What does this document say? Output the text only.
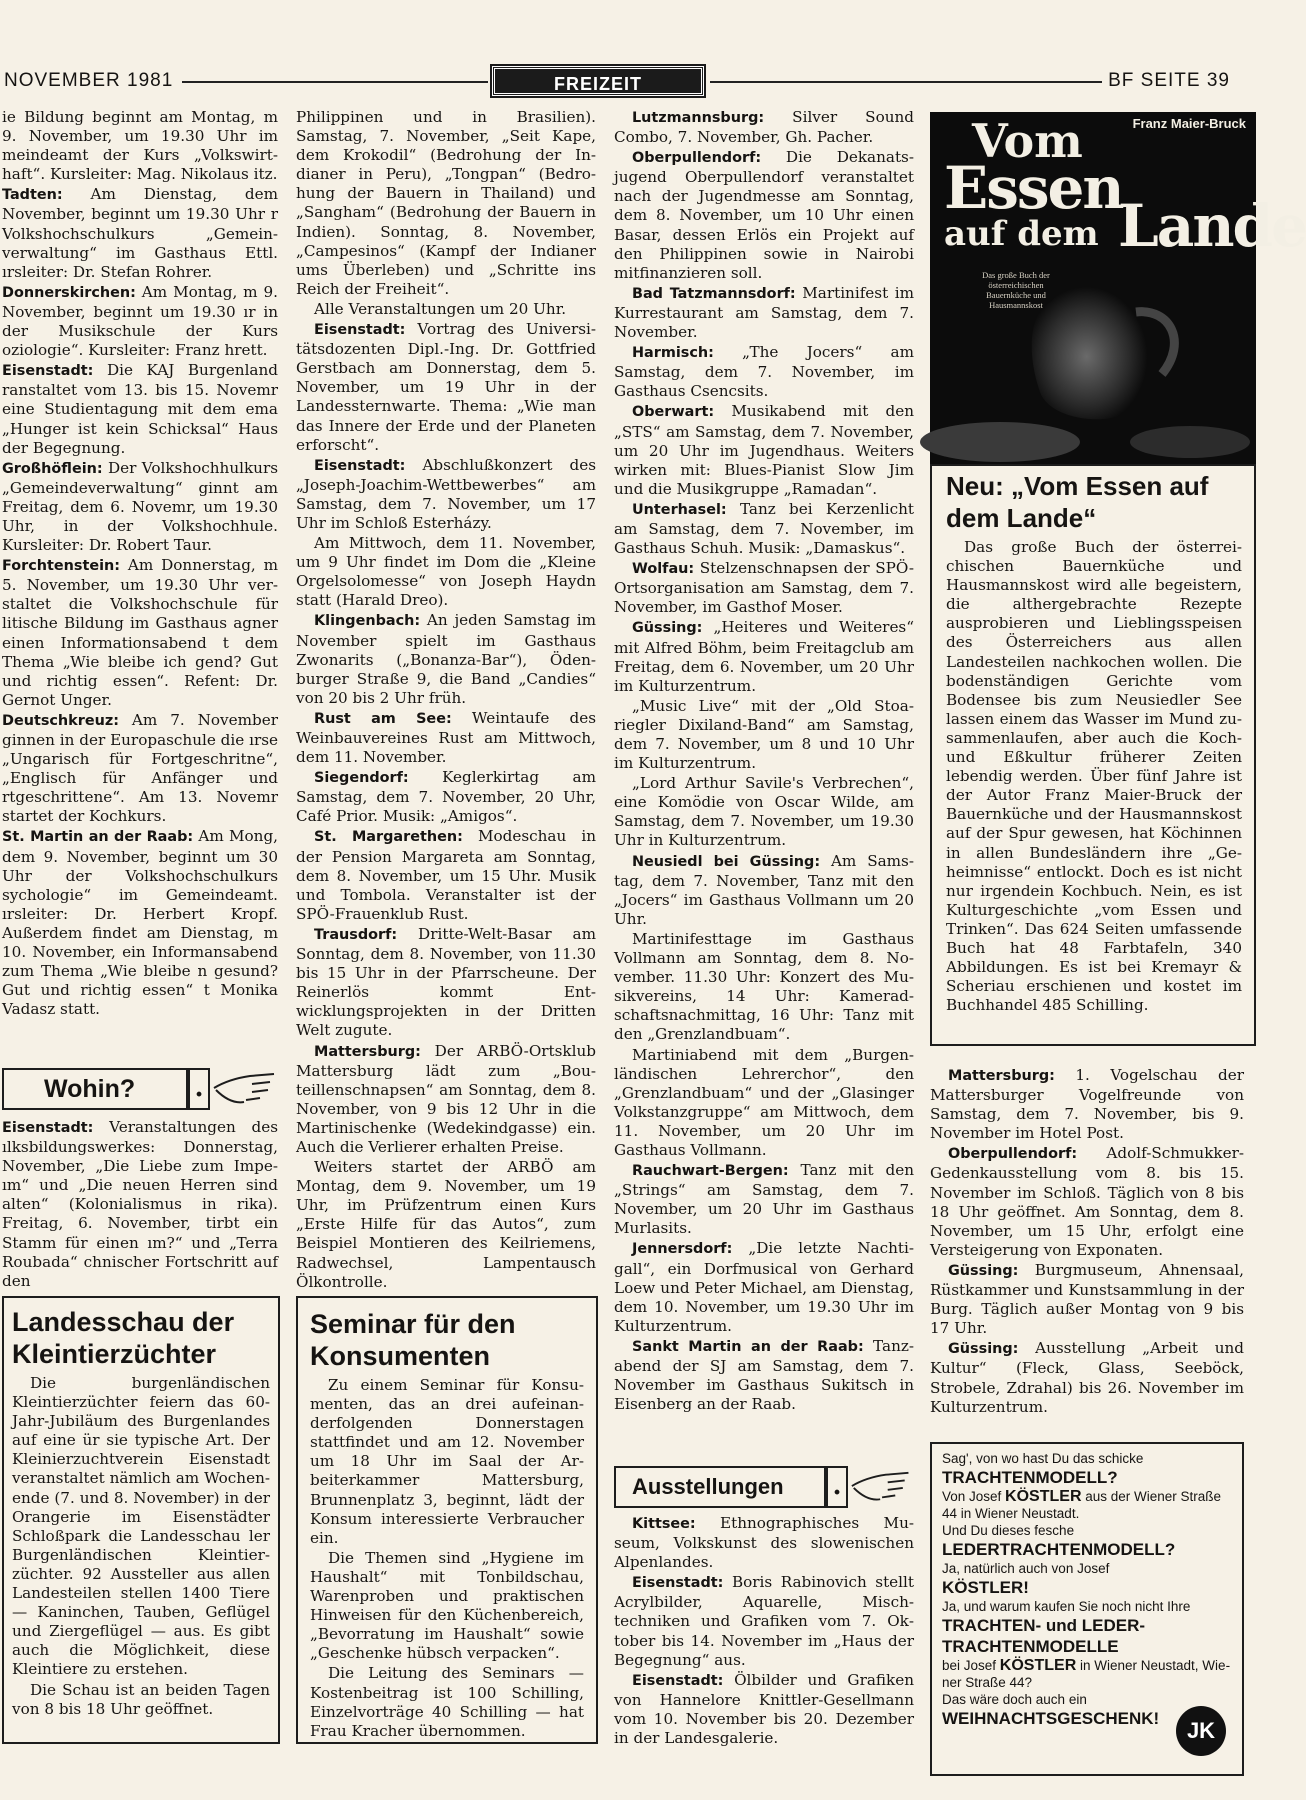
NOVEMBER 1981	FREIZEIT	BF SEITE 39

ie Bildung beginnt am Montag, m 9. November, um 19.30 Uhr im meindeamt der Kurs „Volkswirthaft“. Kursleiter: Mag. Nikolaus itz.

Tadten: Am Dienstag, dem November, beginnt um 19.30 Uhr r Volkshochschulkurs „Gemeinverwaltung“ im Gasthaus Ettl. ırsleiter: Dr. Stefan Rohrer.

Donnerskirchen: Am Montag, m 9. November, beginnt um 19.30 ır in der Musikschule der Kurs oziologie“. Kursleiter: Franz hrett.

Eisenstadt: Die KAJ Burgenland ranstaltet vom 13. bis 15. Novemr eine Studientagung mit dem ema „Hunger ist kein Schicksal“ Haus der Begegnung.

Großhöflein: Der Volkshochhulkurs „Gemeindeverwaltung“ ginnt am Freitag, dem 6. Novemr, um 19.30 Uhr, in der Volkshochhule. Kursleiter: Dr. Robert Taur.

Forchtenstein: Am Donnerstag, m 5. November, um 19.30 Uhr verstaltet die Volkshochschule für litische Bildung im Gasthaus agner einen Informationsabend t dem Thema „Wie bleibe ich gend? Gut und richtig essen“. Refent: Dr. Gernot Unger.

Deutschkreuz: Am 7. November ginnen in der Europaschule die ırse „Ungarisch für Fortgeschritne“, „Englisch für Anfänger und rtgeschrittene“. Am 13. Novemr startet der Kochkurs.

St. Martin an der Raab: Am Mong, dem 9. November, beginnt um 30 Uhr der Volkshochschulkurs sychologie“ im Gemeindeamt. ırsleiter: Dr. Herbert Kropf. Außerdem findet am Dienstag, m 10. November, ein Informansabend zum Thema „Wie bleibe n gesund? Gut und richtig essen“ t Monika Vadasz statt.

Wohin?	.

Eisenstadt: Veranstaltungen des ılksbildungswerkes: Donnerstag, November, „Die Liebe zum Impeım“ und „Die neuen Herren sind alten“ (Kolonialismus in rika). Freitag, 6. November, tirbt ein Stamm für einen ım?“ und „Terra Roubada“ chnischer Fortschritt auf den

Landesschau der Kleintierzüchter

Die burgenländischen Kleintierzüchter feiern das 60-Jahr-Jubiläum des Burgenlandes auf eine ür sie typische Art. Der Kleinierzuchtverein Eisenstadt veranstaltet nämlich am Wochenende (7. und 8. November) in der Orangerie im Eisenstädter Schloßpark die Landesschau ler Burgenländischen Kleintierzüchter. 92 Aussteller aus allen Landesteilen stellen 1400 Tiere — Kaninchen, Tauben, Geflügel und Ziergeflügel — aus. Es gibt auch die Möglichkeit, diese Kleintiere zu erstehen.

Die Schau ist an beiden Tagen von 8 bis 18 Uhr geöffnet.

Philippinen und in Brasilien). Samstag, 7. November, „Seit Kape, dem Krokodil“ (Bedrohung der Indianer in Peru), „Tongpan“ (Bedrohung der Bauern in Thailand) und „Sangham“ (Bedrohung der Bauern in Indien). Sonntag, 8. November, „Campesinos“ (Kampf der Indianer ums Überleben) und „Schritte ins Reich der Freiheit“.

Alle Veranstaltungen um 20 Uhr.

Eisenstadt: Vortrag des Universitätsdozenten Dipl.-Ing. Dr. Gottfried Gerstbach am Donnerstag, dem 5. November, um 19 Uhr in der Landessternwarte. Thema: „Wie man das Innere der Erde und der Planeten erforscht“.

Eisenstadt: Abschlußkonzert des „Joseph-Joachim-Wettbewerbes“ am Samstag, dem 7. November, um 17 Uhr im Schloß Esterházy.

Am Mittwoch, dem 11. November, um 9 Uhr findet im Dom die „Kleine Orgelsolomesse“ von Joseph Haydn statt (Harald Dreo).

Klingenbach: An jeden Samstag im November spielt im Gasthaus Zwonarits („Bonanza-Bar“), Ödenburger Straße 9, die Band „Candies“ von 20 bis 2 Uhr früh.

Rust am See: Weintaufe des Weinbauvereines Rust am Mittwoch, dem 11. November.

Siegendorf: Keglerkirtag am Samstag, dem 7. November, 20 Uhr, Café Prior. Musik: „Amigos“.

St. Margarethen: Modeschau in der Pension Margareta am Sonntag, dem 8. November, um 15 Uhr. Musik und Tombola. Veranstalter ist der SPÖ-Frauenklub Rust.

Trausdorf: Dritte-Welt-Basar am Sonntag, dem 8. November, von 11.30 bis 15 Uhr in der Pfarrscheune. Der Reinerlös kommt Entwicklungsprojekten in der Dritten Welt zugute.

Mattersburg: Der ARBÖ-Ortsklub Mattersburg lädt zum „Bouteillenschnapsen“ am Sonntag, dem 8. November, von 9 bis 12 Uhr in die Martinischenke (Wedekindgasse) ein. Auch die Verlierer erhalten Preise.

Weiters startet der ARBÖ am Montag, dem 9. November, um 19 Uhr, im Prüfzentrum einen Kurs „Erste Hilfe für das Autos“, zum Beispiel Montieren des Keilriemens, Radwechsel, Lampentausch Ölkontrolle.

Seminar für den Konsumenten

Zu einem Seminar für Konsumenten, das an drei aufeinanderfolgenden Donnerstagen stattfindet und am 12. November um 18 Uhr im Saal der Arbeiterkammer Mattersburg, Brunnenplatz 3, beginnt, lädt der Konsum interessierte Verbraucher ein.

Die Themen sind „Hygiene im Haushalt“ mit Tonbildschau, Warenproben und praktischen Hinweisen für den Küchenbereich, „Bevorratung im Haushalt“ sowie „Geschenke hübsch verpacken“.

Die Leitung des Seminars — Kostenbeitrag ist 100 Schilling, Einzelvorträge 40 Schilling — hat Frau Kracher übernommen.

Lutzmannsburg: Silver Sound Combo, 7. November, Gh. Pacher.

Oberpullendorf: Die Dekanatsjugend Oberpullendorf veranstaltet nach der Jugendmesse am Sonntag, dem 8. November, um 10 Uhr einen Basar, dessen Erlös ein Projekt auf den Philippinen sowie in Nairobi mitfinanzieren soll.

Bad Tatzmannsdorf: Martinifest im Kurrestaurant am Samstag, dem 7. November.

Harmisch: „The Jocers“ am Samstag, dem 7. November, im Gasthaus Csencsits.

Oberwart: Musikabend mit den „STS“ am Samstag, dem 7. November, um 20 Uhr im Jugendhaus. Weiters wirken mit: Blues-Pianist Slow Jim und die Musikgruppe „Ramadan“.

Unterhasel: Tanz bei Kerzenlicht am Samstag, dem 7. November, im Gasthaus Schuh. Musik: „Damaskus“.

Wolfau: Stelzenschnapsen der SPÖ-Ortsorganisation am Samstag, dem 7. November, im Gasthof Moser.

Güssing: „Heiteres und Weiteres“ mit Alfred Böhm, beim Freitagclub am Freitag, dem 6. November, um 20 Uhr im Kulturzentrum.

„Music Live“ mit der „Old Stoariegler Dixiland-Band“ am Samstag, dem 7. November, um 8 und 10 Uhr im Kulturzentrum.

„Lord Arthur Savile's Verbrechen“, eine Komödie von Oscar Wilde, am Samstag, dem 7. November, um 19.30 Uhr in Kulturzentrum.

Neusiedl bei Güssing: Am Samstag, dem 7. November, Tanz mit den „Jocers“ im Gasthaus Vollmann um 20 Uhr.

Martinifesttage im Gasthaus Vollmann am Sonntag, dem 8. November. 11.30 Uhr: Konzert des Musikvereins, 14 Uhr: Kameradschaftsnachmittag, 16 Uhr: Tanz mit den „Grenzlandbuam“.

Martiniabend mit dem „Burgenländischen Lehrerchor“, den „Grenzlandbuam“ und der „Glasinger Volkstanzgruppe“ am Mittwoch, dem 11. November, um 20 Uhr im Gasthaus Vollmann.

Rauchwart-Bergen: Tanz mit den „Strings“ am Samstag, dem 7. November, um 20 Uhr im Gasthaus Murlasits.

Jennersdorf: „Die letzte Nachtigall“, ein Dorfmusical von Gerhard Loew und Peter Michael, am Dienstag, dem 10. November, um 19.30 Uhr im Kulturzentrum.

Sankt Martin an der Raab: Tanzabend der SJ am Samstag, dem 7. November im Gasthaus Sukitsch in Eisenberg an der Raab.

Ausstellungen	.

Kittsee: Ethnographisches Museum, Volkskunst des slowenischen Alpenlandes.

Eisenstadt: Boris Rabinovich stellt Acrylbilder, Aquarelle, Mischtechniken und Grafiken vom 7. Oktober bis 14. November im „Haus der Begegnung“ aus.

Eisenstadt: Ölbilder und Grafiken von Hannelore Knittler-Gesellmann vom 10. November bis 20. Dezember in der Landesgalerie.

Franz Maier-Bruck
Vom
Essen
auf dem Lande
Das große Buch der österreichischen Bauernküche und Hausmannskost
Neu: „Vom Essen auf dem Lande“

Das große Buch der österreichischen Bauernküche und Hausmannskost wird alle begeistern, die althergebrachte Rezepte ausprobieren und Lieblingsspeisen des Österreichers aus allen Landesteilen nachkochen wollen. Die bodenständigen Gerichte vom Bodensee bis zum Neusiedler See lassen einem das Wasser im Mund zusammenlaufen, aber auch die Koch- und Eßkultur früherer Zeiten lebendig werden. Über fünf Jahre ist der Autor Franz Maier-Bruck der Bauernküche und der Hausmannskost auf der Spur gewesen, hat Köchinnen in allen Bundesländern ihre „Geheimnisse“ entlockt. Doch es ist nicht nur irgendein Kochbuch. Nein, es ist Kulturgeschichte „vom Essen und Trinken“. Das 624 Seiten umfassende Buch hat 48 Farbtafeln, 340 Abbildungen. Es ist bei Kremayr & Scheriau erschienen und kostet im Buchhandel 485 Schilling.

Mattersburg: 1. Vogelschau der Mattersburger Vogelfreunde von Samstag, dem 7. November, bis 9. November im Hotel Post.

Oberpullendorf: Adolf-Schmukker-Gedenkausstellung vom 8. bis 15. November im Schloß. Täglich von 8 bis 18 Uhr geöffnet. Am Sonntag, dem 8. November, um 15 Uhr, erfolgt eine Versteigerung von Exponaten.

Güssing: Burgmuseum, Ahnensaal, Rüstkammer und Kunstsammlung in der Burg. Täglich außer Montag von 9 bis 17 Uhr.

Güssing: Ausstellung „Arbeit und Kultur“ (Fleck, Glass, Seeböck, Strobele, Zdrahal) bis 26. November im Kulturzentrum.

Sag', von wo hast Du das schicke

TRACHTENMODELL?

Von Josef KÖSTLER aus der Wiener Straße 44 in Wiener Neustadt.

Und Du dieses fesche

LEDERTRACHTENMODELL?

Ja, natürlich auch von Josef

KÖSTLER!

Ja, und warum kaufen Sie noch nicht Ihre

TRACHTEN- und LEDER-TRACHTENMODELLE

bei Josef KÖSTLER in Wiener Neustadt, Wiener Straße 44?

Das wäre doch auch ein

WEIHNACHTSGESCHENK!	JK
